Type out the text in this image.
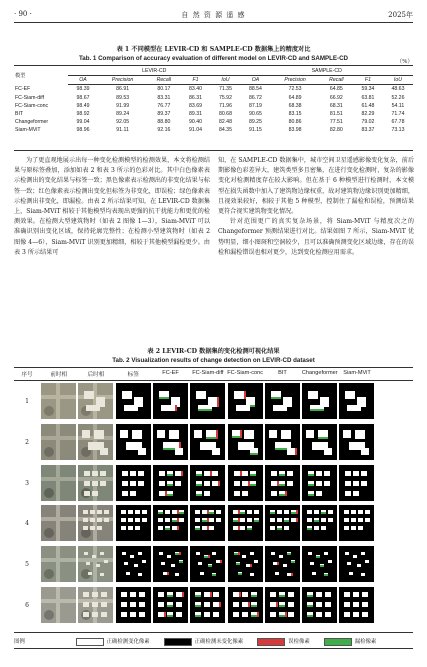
· 90 ·	自 然 资 源 遥 感	2025年
表 1 不同模型在 LEVIR-CD 和 SAMPLE-CD 数据集上的精度对比
Tab. 1 Comparison of accuracy evaluation of different model on LEVIR-CD and SAMPLE-CD	（%）
模型	LEVIR-CD					SAMPLE-CD				
	OA	Precision	Recall	F1	IoU	OA	Precision	Recall	F1	IoU
FC-EF	98.39	86.91	80.17	83.40	71.35	88.54	72.53	64.85	59.34	48.63
FC-Siam-diff	98.67	89.53	83.31	86.31	75.92	86.72	64.89	66.92	63.81	52.26
FC-Siam-conc	98.49	91.99	76.77	83.69	71.96	87.19	68.38	68.31	61.48	54.11
BIT	98.92	89.24	89.37	89.31	80.68	90.65	83.15	81.51	82.29	71.74
Changeformer	99.04	92.05	88.80	90.40	82.48	89.25	80.86	77.51	79.02	67.78
Siam-MViT	98.96	91.11	92.16	91.04	84.35	91.15	83.98	82.80	83.37	73.13

为了更直观地展示出每一种变化检测模型的检测效果，本文将检测结果与原标签叠加，添加如表 2 和表 3 所示的色彩对比。其中白色像素表示检测出的变化结果与标签一致；黑色像素表示检测出的非变化结果与标签一致；红色像素表示检测出变化但标签为非变化，即误检；绿色像素表示检测出非变化，即漏检。由表 2 所示结果可知，在 LEVIR-CD 数据集上，Siam-MViT 相较于其他模型均表现出更强的抗干扰能力和更优的检测效果。在检测大型建筑物时（如表 2 图像 1—3），Siam-MViT 可以准确识别出变化区域，保持轮廓完整性；在检测小型建筑物时（如表 2 图像 4—6），Siam-MViT 识别更加精细，相较于其他模型漏检更少。由表 3 所示结果可

知，在 SAMPLE-CD 数据集中，城市空间卫星遥感影像变化复杂，前后期影像色彩差异大，建筑类型多且密集，在进行变化检测时，复杂的影像变化对检测精度存在较大影响。但在基于 6 种模型进行检测时，本文模型在损失函数中加入了建筑物边缘权重，故对建筑物边缘识别更加精细，且视效果较好，相较于其他 5 种模型，控制住了漏检和误检，预测结果更符合视实建筑物变化情况。

针对范围更广的真实复杂场景，将 Siam-MViT 与精度次之的 Changeformer 预测结果进行对比。结果如图 7 所示，Siam-MViT 优势明显，细小图斑和空洞较少，且可以准确预测变化区域边缘，存在的误检和漏检错误也相对更少，达到变化检测应用需求。

表 2 LEVIR-CD 数据集的变化检测可视化结果
Tab. 2 Visualization results of change detection on LEVIR-CD dataset
序号	前时相	后时相	标签	FC-EF	FC-Siam-diff FC-Siam-conc	BIT	Changeformer	Siam-MViT
1
2
3
4
5
6
图例	正确检测变化像素	正确检测未变化像素	误检像素	漏检像素
